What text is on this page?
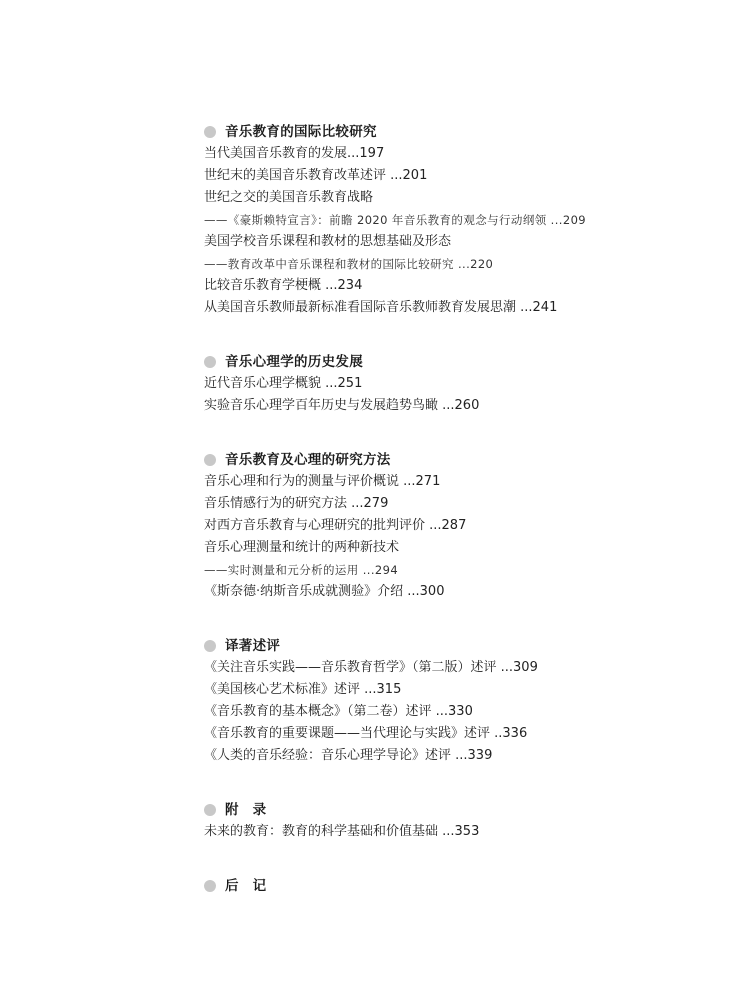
音乐教育的国际比较研究
当代美国音乐教育的发展...197
世纪末的美国音乐教育改革述评 ...201
世纪之交的美国音乐教育战略
——《豪斯赖特宣言》：前瞻 2020 年音乐教育的观念与行动纲领 ...209
美国学校音乐课程和教材的思想基础及形态
——教育改革中音乐课程和教材的国际比较研究 ...220
比较音乐教育学梗概 ...234
从美国音乐教师最新标准看国际音乐教师教育发展思潮 ...241
音乐心理学的历史发展
近代音乐心理学概貌 ...251
实验音乐心理学百年历史与发展趋势鸟瞰 ...260
音乐教育及心理的研究方法
音乐心理和行为的测量与评价概说 ...271
音乐情感行为的研究方法 ...279
对西方音乐教育与心理研究的批判评价 ...287
音乐心理测量和统计的两种新技术
——实时测量和元分析的运用 ...294
《斯奈德·纳斯音乐成就测验》介绍 ...300
译著述评
《关注音乐实践——音乐教育哲学》（第二版）述评 ...309
《美国核心艺术标准》述评 ...315
《音乐教育的基本概念》（第二卷）述评 ...330
《音乐教育的重要课题——当代理论与实践》述评 ..336
《人类的音乐经验：音乐心理学导论》述评 ...339
附　录
未来的教育：教育的科学基础和价值基础 ...353
后　记
